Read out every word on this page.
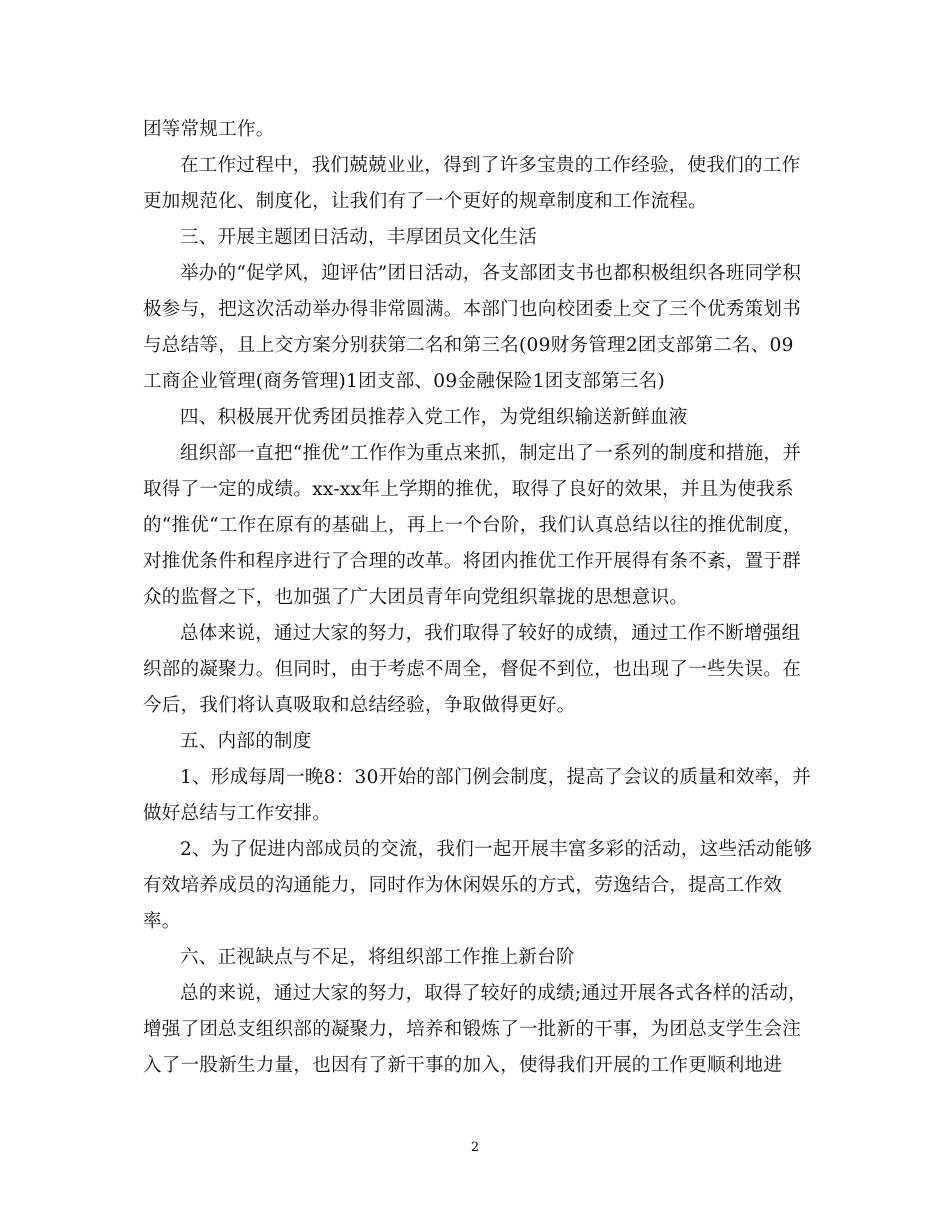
团等常规工作。
在工作过程中，我们兢兢业业，得到了许多宝贵的工作经验，使我们的工作
更加规范化、制度化，让我们有了一个更好的规章制度和工作流程。
三、开展主题团日活动，丰厚团员文化生活
举办的“促学风，迎评估”团日活动，各支部团支书也都积极组织各班同学积
极参与，把这次活动举办得非常圆满。本部门也向校团委上交了三个优秀策划书
与总结等，且上交方案分别获第二名和第三名(09财务管理2团支部第二名、09
工商企业管理(商务管理)1团支部、09金融保险1团支部第三名)
四、积极展开优秀团员推荐入党工作，为党组织输送新鲜血液
组织部一直把“推优”工作作为重点来抓，制定出了一系列的制度和措施，并
取得了一定的成绩。xx-xx年上学期的推优，取得了良好的效果，并且为使我系
的“推优“工作在原有的基础上，再上一个台阶，我们认真总结以往的推优制度，
对推优条件和程序进行了合理的改革。将团内推优工作开展得有条不紊，置于群
众的监督之下，也加强了广大团员青年向党组织靠拢的思想意识。
总体来说，通过大家的努力，我们取得了较好的成绩，通过工作不断增强组
织部的凝聚力。但同时，由于考虑不周全，督促不到位，也出现了一些失误。在
今后，我们将认真吸取和总结经验，争取做得更好。
五、内部的制度
1、形成每周一晚8：30开始的部门例会制度，提高了会议的质量和效率，并
做好总结与工作安排。
2、为了促进内部成员的交流，我们一起开展丰富多彩的活动，这些活动能够
有效培养成员的沟通能力，同时作为休闲娱乐的方式，劳逸结合，提高工作效
率。
六、正视缺点与不足，将组织部工作推上新台阶
总的来说，通过大家的努力，取得了较好的成绩;通过开展各式各样的活动，
增强了团总支组织部的凝聚力，培养和锻炼了一批新的干事，为团总支学生会注
入了一股新生力量，也因有了新干事的加入，使得我们开展的工作更顺利地进
2
